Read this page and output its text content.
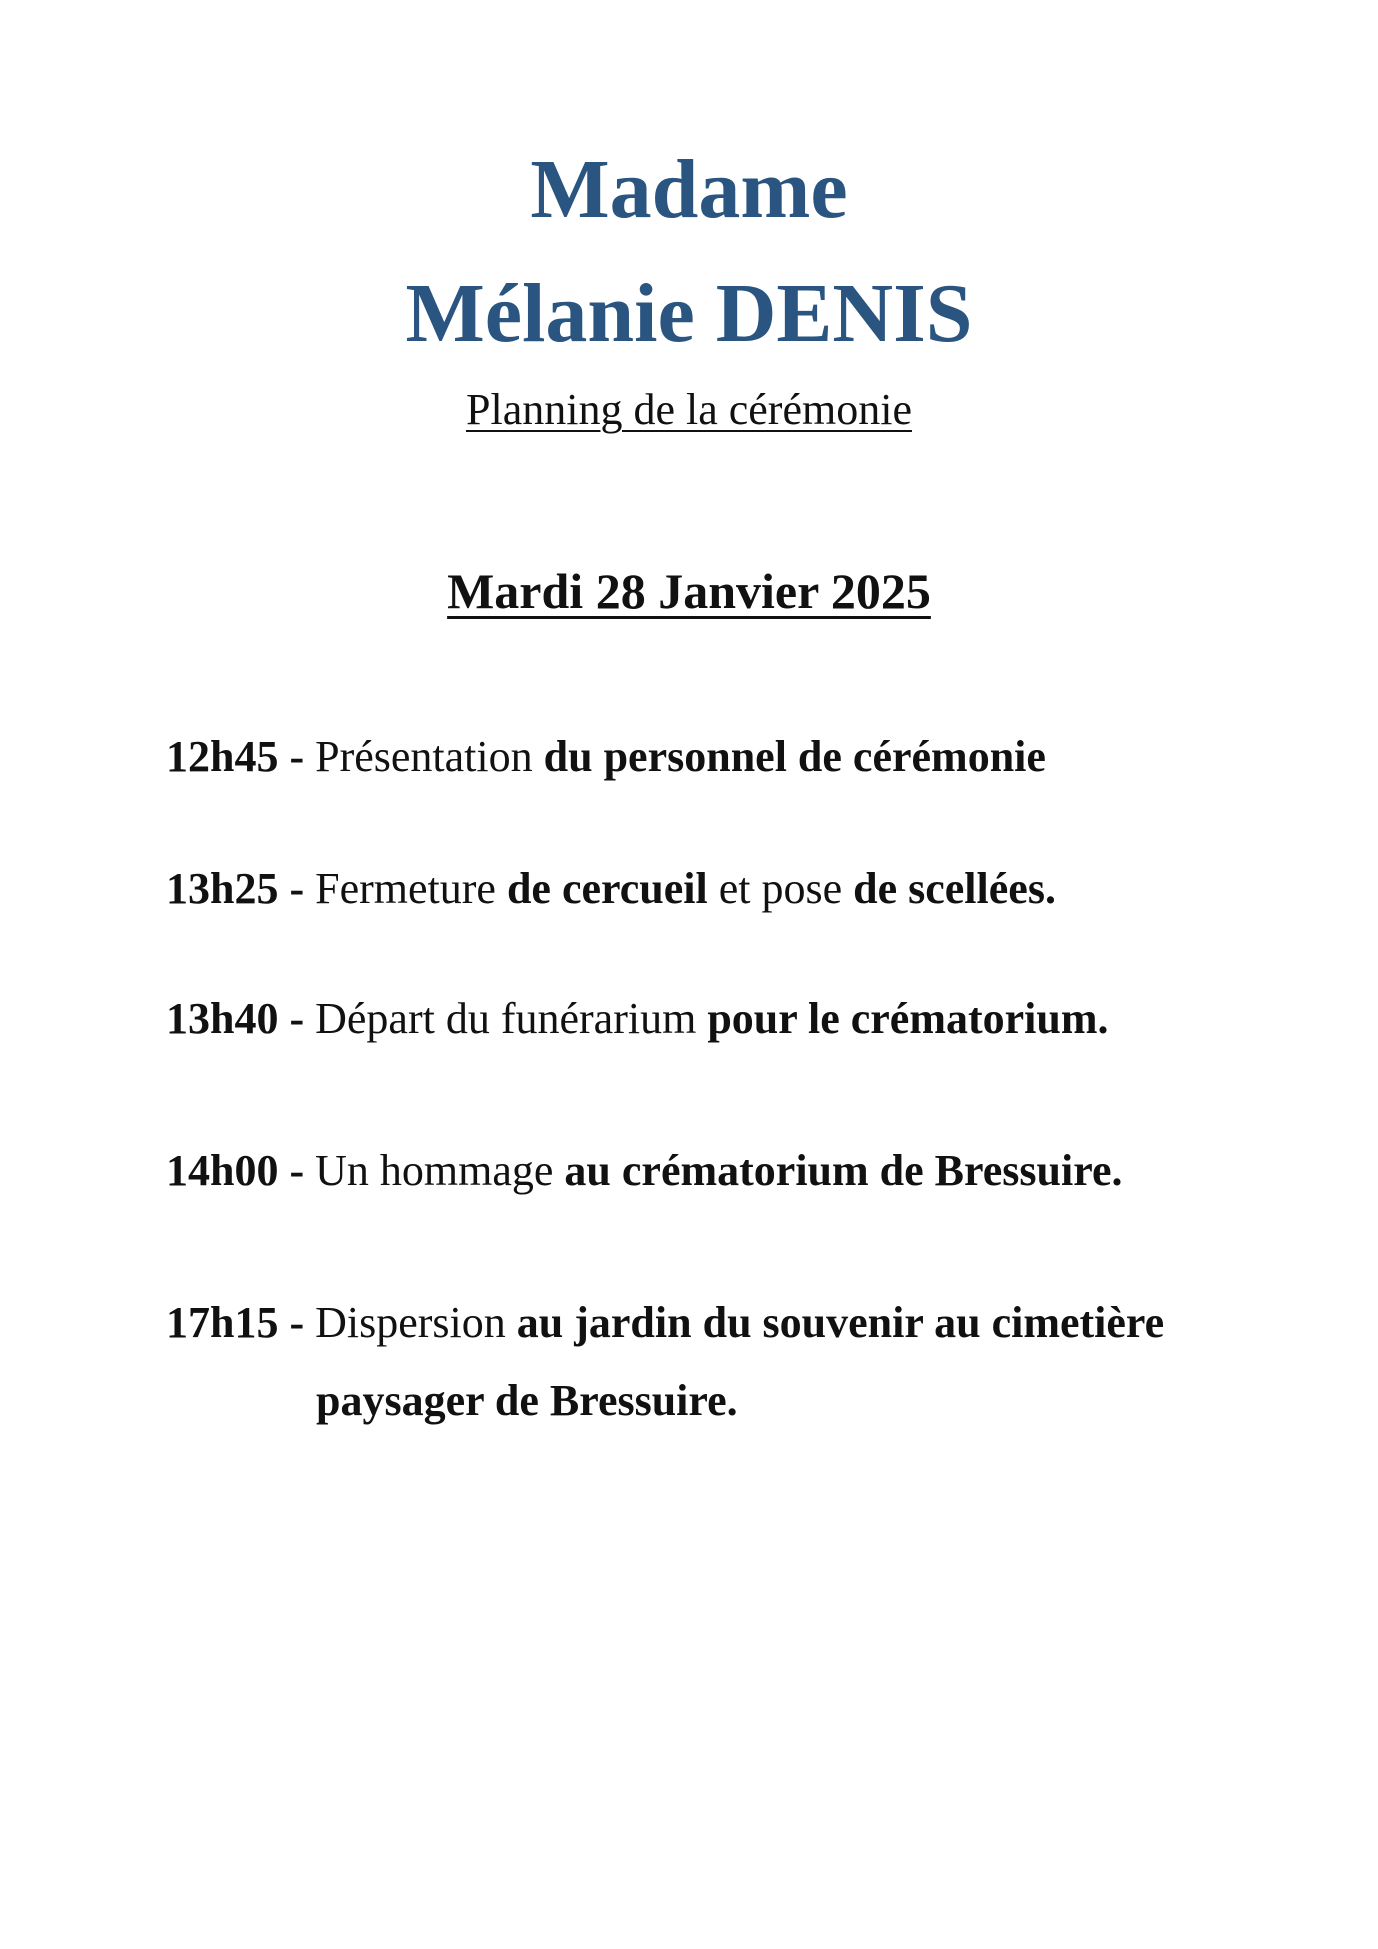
Madame
Mélanie DENIS
Planning de la cérémonie
Mardi 28 Janvier 2025
12h45 - Présentation du personnel de cérémonie
13h25 - Fermeture de cercueil et pose de scellées.
13h40 - Départ du funérarium pour le crématorium.
14h00 - Un hommage au crématorium de Bressuire.
17h15 - Dispersion au jardin du souvenir au cimetière
paysager de Bressuire.
